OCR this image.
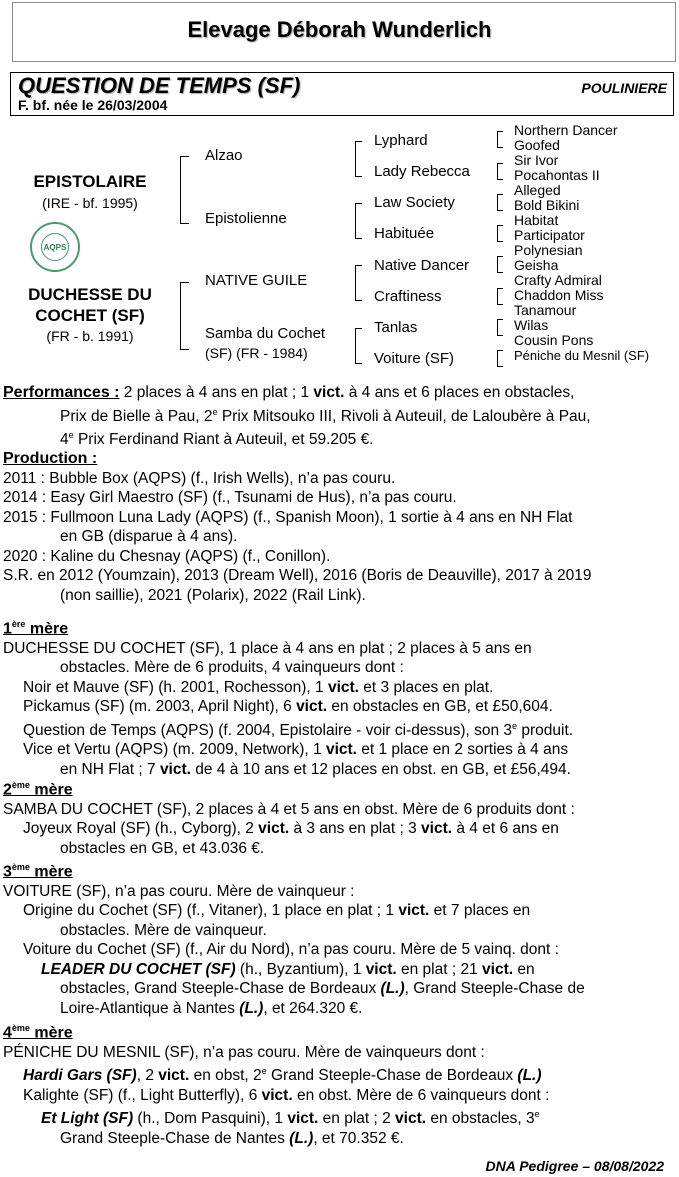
Elevage Déborah Wunderlich
QUESTION DE TEMPS (SF)	POULINIERE
F. bf. née le 26/03/2004
EPISTOLAIRE
(IRE - bf. 1995)
AQPS
DUCHESSE DU
COCHET (SF)
(FR - b. 1991)
Alzao
Epistolienne
NATIVE GUILE
Samba du Cochet
(SF) (FR - 1984)
Lyphard
Lady Rebecca
Law Society
Habituée
Native Dancer
Craftiness
Tanlas
Voiture (SF)
Northern Dancer
Goofed
Sir Ivor
Pocahontas II
Alleged
Bold Bikini
Habitat
Participator
Polynesian
Geisha
Crafty Admiral
Chaddon Miss
Tanamour
Wilas
Cousin Pons
Péniche du Mesnil (SF)
Performances : 2 places à 4 ans en plat ; 1 vict. à 4 ans et 6 places en obstacles,
Prix de Bielle à Pau, 2e Prix Mitsouko III, Rivoli à Auteuil, de Laloubère à Pau,
4e Prix Ferdinand Riant à Auteuil, et 59.205 €.
Production :
2011 : Bubble Box (AQPS) (f., Irish Wells), n’a pas couru.
2014 : Easy Girl Maestro (SF) (f., Tsunami de Hus), n’a pas couru.
2015 : Fullmoon Luna Lady (AQPS) (f., Spanish Moon), 1 sortie à 4 ans en NH Flat
en GB (disparue à 4 ans).
2020 : Kaline du Chesnay (AQPS) (f., Conillon).
S.R. en 2012 (Youmzain), 2013 (Dream Well), 2016 (Boris de Deauville), 2017 à 2019
(non saillie), 2021 (Polarix), 2022 (Rail Link).
1ère mère
DUCHESSE DU COCHET (SF), 1 place à 4 ans en plat ; 2 places à 5 ans en
obstacles. Mère de 6 produits, 4 vainqueurs dont :
Noir et Mauve (SF) (h. 2001, Rochesson), 1 vict. et 3 places en plat.
Pickamus (SF) (m. 2003, April Night), 6 vict. en obstacles en GB, et £50,604.
Question de Temps (AQPS) (f. 2004, Epistolaire - voir ci-dessus), son 3e produit.
Vice et Vertu (AQPS) (m. 2009, Network), 1 vict. et 1 place en 2 sorties à 4 ans
en NH Flat ; 7 vict. de 4 à 10 ans et 12 places en obst. en GB, et £56,494.
2ème mère
SAMBA DU COCHET (SF), 2 places à 4 et 5 ans en obst. Mère de 6 produits dont :
Joyeux Royal (SF) (h., Cyborg), 2 vict. à 3 ans en plat ; 3 vict. à 4 et 6 ans en
obstacles en GB, et 43.036 €.
3ème mère
VOITURE (SF), n’a pas couru. Mère de vainqueur :
Origine du Cochet (SF) (f., Vitaner), 1 place en plat ; 1 vict. et 7 places en
obstacles. Mère de vainqueur.
Voiture du Cochet (SF) (f., Air du Nord), n’a pas couru. Mère de 5 vainq. dont :
LEADER DU COCHET (SF) (h., Byzantium), 1 vict. en plat ; 21 vict. en
obstacles, Grand Steeple-Chase de Bordeaux (L.), Grand Steeple-Chase de
Loire-Atlantique à Nantes (L.), et 264.320 €.
4ème mère
PÉNICHE DU MESNIL (SF), n’a pas couru. Mère de vainqueurs dont :
Hardi Gars (SF), 2 vict. en obst, 2e Grand Steeple-Chase de Bordeaux (L.)
Kalighte (SF) (f., Light Butterfly), 6 vict. en obst. Mère de 6 vainqueurs dont :
Et Light (SF) (h., Dom Pasquini), 1 vict. en plat ; 2 vict. en obstacles, 3e
Grand Steeple-Chase de Nantes (L.), et 70.352 €.
DNA Pedigree – 08/08/2022
